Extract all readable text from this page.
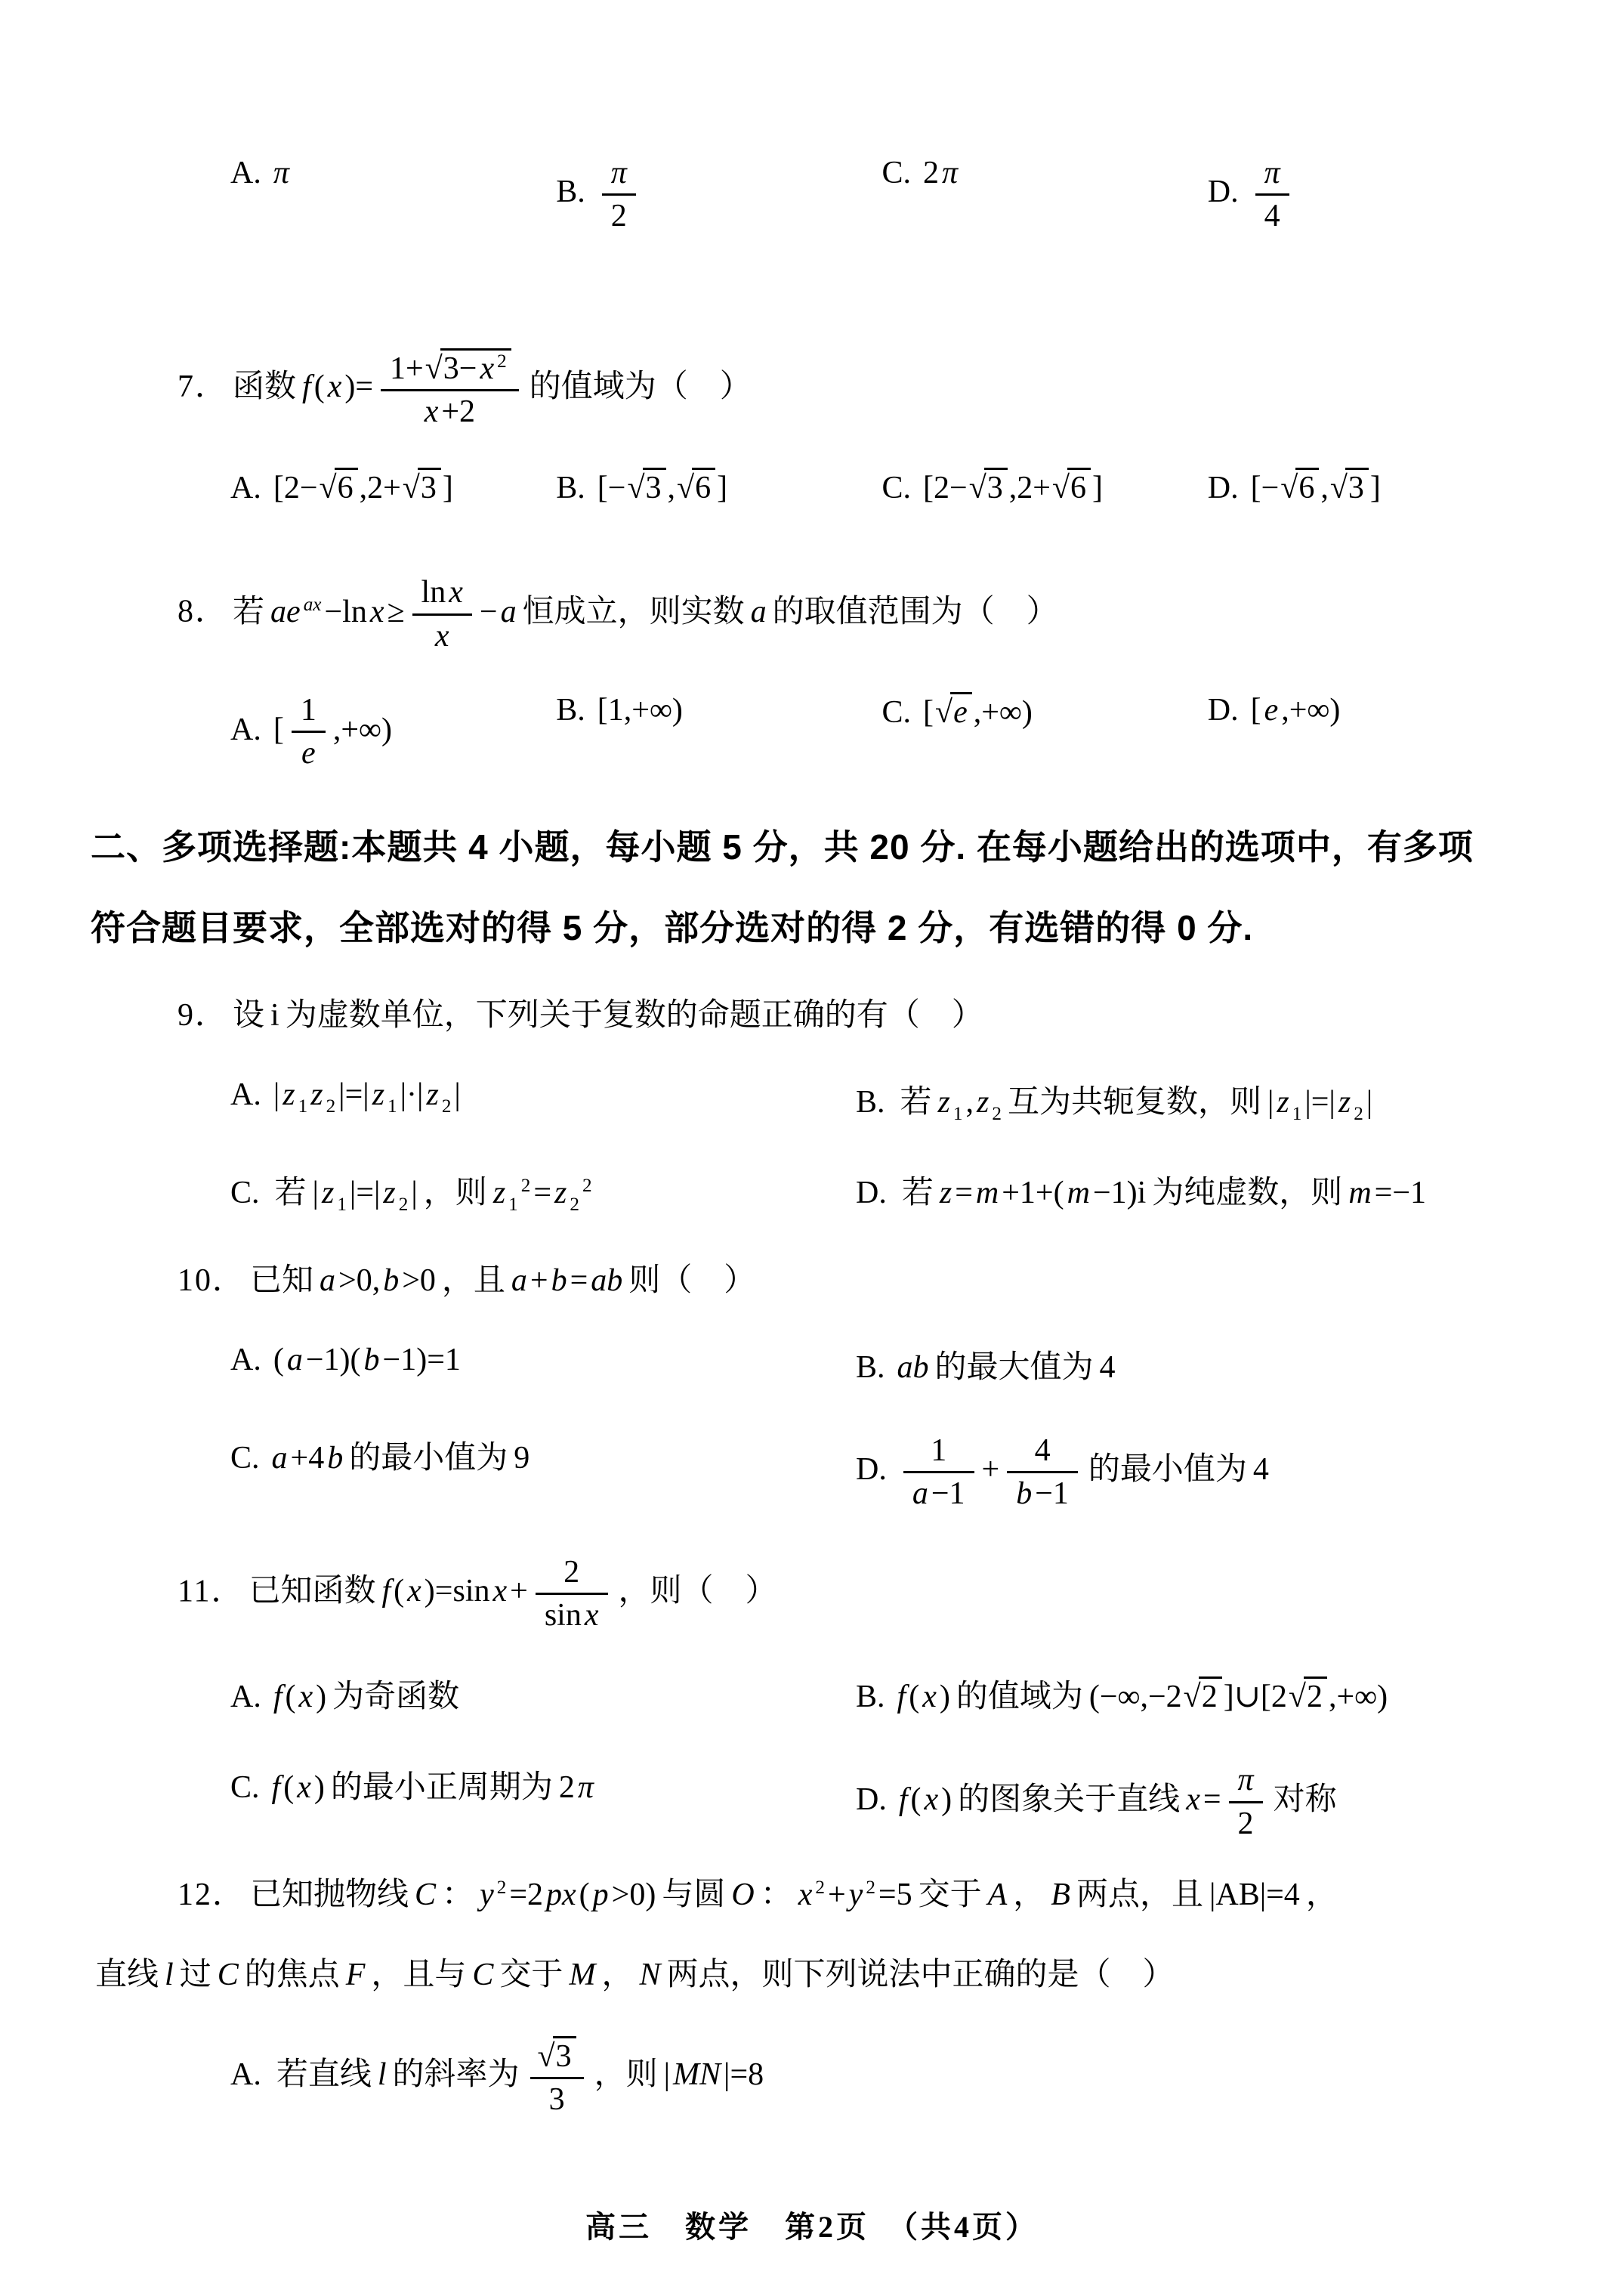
A. π
B. $\frac{\pi}{2}$	C. 2π
D. $\frac{\pi}{4}$
7． 函数 $f(x)= \frac{1+√3-x ^2}{x+2}$ 的值域为（　）
A. [2−√6 ,2+√3 ]	B. [−√3 ,√6 ]	C. [2−√3 ,2+√6 ]	D. [−√6 ,√3 ]
8． 若 ae $^{ax}-\ln x\ge \frac{\ln x}{x} -a$ 恒成立，则实数 a 的取值范围为（　）
A. [ $\frac{1}{e}$ ,+∞)
B. [1,+∞)	C. [√e ,+∞)	D. [e,+∞)
二、多项选择题:本题共 4 小题，每小题 5 分，共 20 分. 在每小题给出的选项中，有多项
符合题目要求，全部选对的得 5 分，部分选对的得 2 分，有选错的得 0 分.
9． 设 i 为虚数单位，下列关于复数的命题正确的有（　）
A. |z $_1$z $_2$|=|z $_1$|·|z $_2$|	B. 若 z $_1$,z $_2$ 互为共轭复数，则 |z $_1$|=|z $_2$|
C. 若 |z $_1$|=|z $_2$| ，则 z $_1^2$=z $_2^2$	D. 若 z=m+1+(m−1)i 为纯虚数，则 m=−1
10． 已知 a>0,b>0 ，且 a+b=ab 则（　）
A. (a−1)(b−1)=1	B. ab 的最大值为 4
C. a+4b 的最小值为 9	D. $\frac{1}{a-1} + \frac{4}{b-1}$ 的最小值为 4
11． 已知函数 $f(x)=\sin x+ \frac{2}{\sin x}$ ，则（　）
A. f(x) 为奇函数	B. f(x) 的值域为 (−∞,−2√2 ]∪[2√2 ,+∞)
C. f(x) 的最小正周期为 2π	D. f(x) 的图象关于直线 $x= \frac{\pi}{2}$ 对称
12． 已知抛物线 C ： y $^2$=2px(p>0) 与圆 O ： x $^2$+y $^2$=5 交于 A ， B 两点，且 |AB|=4 ，
直线 l 过 C 的焦点 F ，且与 C 交于 M ， N 两点，则下列说法中正确的是（　）
A. 若直线 l 的斜率为 $\frac{√3}{3}$ ，则 |MN|=8
高三　数学　第2页　（共4页）
